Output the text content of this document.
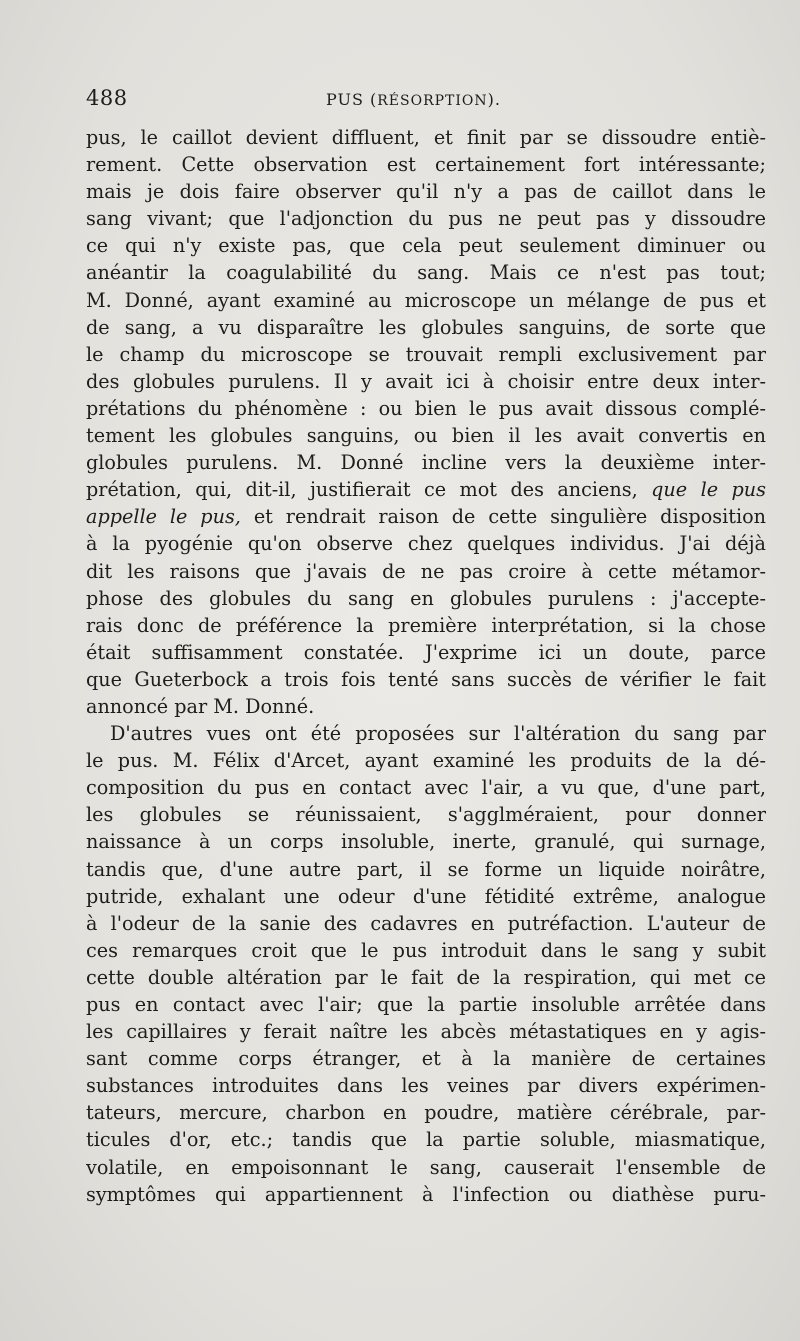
488	PUS (RÉSORPTION).
pus, le caillot devient diffluent, et finit par se dissoudre entiè-
rement. Cette observation est certainement fort intéressante;
mais je dois faire observer qu'il n'y a pas de caillot dans le
sang vivant; que l'adjonction du pus ne peut pas y dissoudre
ce qui n'y existe pas, que cela peut seulement diminuer ou
anéantir la coagulabilité du sang. Mais ce n'est pas tout;
M. Donné, ayant examiné au microscope un mélange de pus et
de sang, a vu disparaître les globules sanguins, de sorte que
le champ du microscope se trouvait rempli exclusivement par
des globules purulens. Il y avait ici à choisir entre deux inter-
prétations du phénomène : ou bien le pus avait dissous complé-
tement les globules sanguins, ou bien il les avait convertis en
globules purulens. M. Donné incline vers la deuxième inter-
prétation, qui, dit-il, justifierait ce mot des anciens, que le pus
appelle le pus, et rendrait raison de cette singulière disposition
à la pyogénie qu'on observe chez quelques individus. J'ai déjà
dit les raisons que j'avais de ne pas croire à cette métamor-
phose des globules du sang en globules purulens : j'accepte-
rais donc de préférence la première interprétation, si la chose
était suffisamment constatée. J'exprime ici un doute, parce
que Gueterbock a trois fois tenté sans succès de vérifier le fait
annoncé par M. Donné.
D'autres vues ont été proposées sur l'altération du sang par
le pus. M. Félix d'Arcet, ayant examiné les produits de la dé-
composition du pus en contact avec l'air, a vu que, d'une part,
les globules se réunissaient, s'agglméraient, pour donner
naissance à un corps insoluble, inerte, granulé, qui surnage,
tandis que, d'une autre part, il se forme un liquide noirâtre,
putride, exhalant une odeur d'une fétidité extrême, analogue
à l'odeur de la sanie des cadavres en putréfaction. L'auteur de
ces remarques croit que le pus introduit dans le sang y subit
cette double altération par le fait de la respiration, qui met ce
pus en contact avec l'air; que la partie insoluble arrêtée dans
les capillaires y ferait naître les abcès métastatiques en y agis-
sant comme corps étranger, et à la manière de certaines
substances introduites dans les veines par divers expérimen-
tateurs, mercure, charbon en poudre, matière cérébrale, par-
ticules d'or, etc.; tandis que la partie soluble, miasmatique,
volatile, en empoisonnant le sang, causerait l'ensemble de
symptômes qui appartiennent à l'infection ou diathèse puru-
